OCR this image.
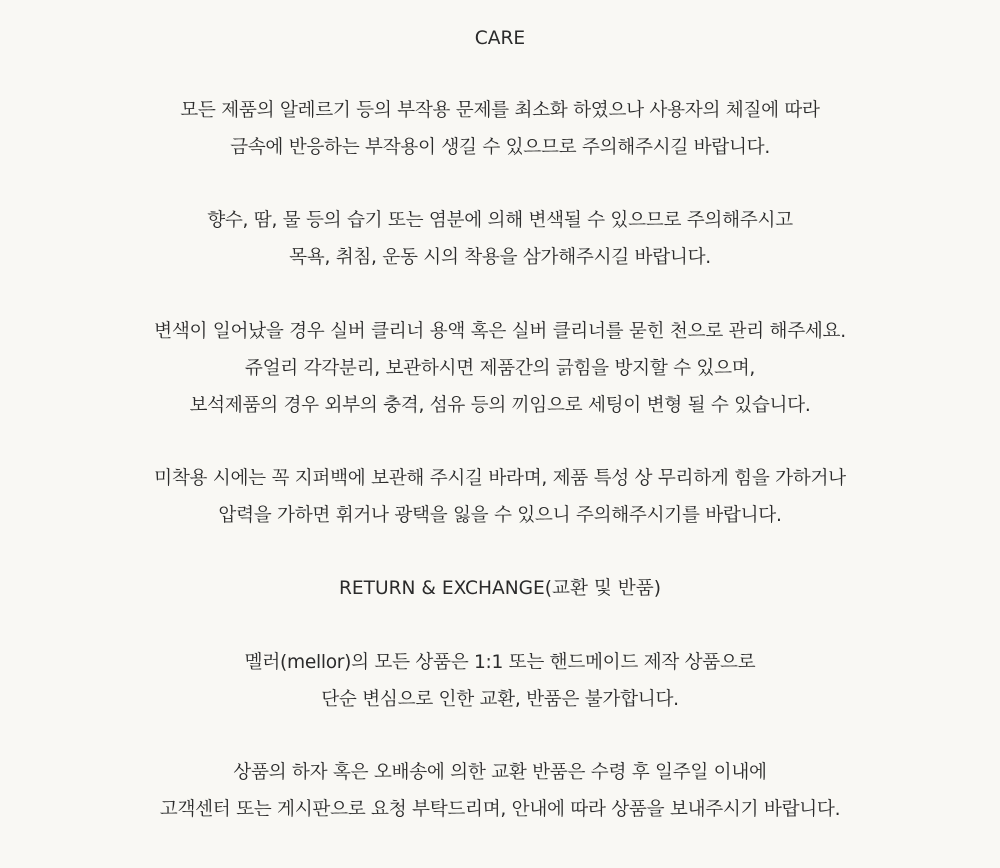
CARE
모든 제품의 알레르기 등의 부작용 문제를 최소화 하였으나 사용자의 체질에 따라
금속에 반응하는 부작용이 생길 수 있으므로 주의해주시길 바랍니다.
향수, 땀, 물 등의 습기 또는 염분에 의해 변색될 수 있으므로 주의해주시고
목욕, 취침, 운동 시의 착용을 삼가해주시길 바랍니다.
변색이 일어났을 경우 실버 클리너 용액 혹은 실버 클리너를 묻힌 천으로 관리 해주세요.
쥬얼리 각각분리, 보관하시면 제품간의 긁힘을 방지할 수 있으며,
보석제품의 경우 외부의 충격, 섬유 등의 끼임으로 세팅이 변형 될 수 있습니다.
미착용 시에는 꼭 지퍼백에 보관해 주시길 바라며, 제품 특성 상 무리하게 힘을 가하거나
압력을 가하면 휘거나 광택을 잃을 수 있으니 주의해주시기를 바랍니다.
RETURN & EXCHANGE(교환 및 반품)
멜러(mellor)의 모든 상품은 1:1 또는 핸드메이드 제작 상품으로
단순 변심으로 인한 교환, 반품은 불가합니다.
상품의 하자 혹은 오배송에 의한 교환 반품은 수령 후 일주일 이내에
고객센터 또는 게시판으로 요청 부탁드리며, 안내에 따라 상품을 보내주시기 바랍니다.
